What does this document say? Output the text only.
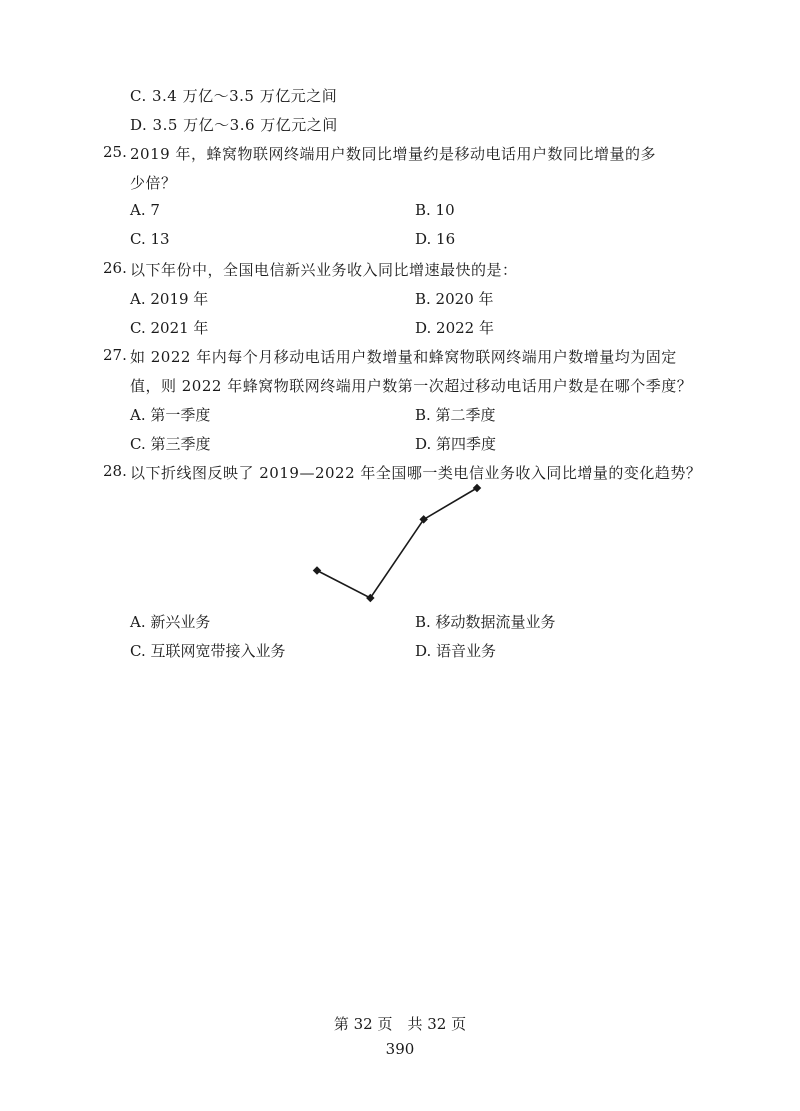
C. 3.4 万亿～3.5 万亿元之间
D. 3.5 万亿～3.6 万亿元之间
25. 2019 年，蜂窝物联网终端用户数同比增量约是移动电话用户数同比增量的多
少倍？
A. 7	B. 10
C. 13	D. 16
26. 以下年份中，全国电信新兴业务收入同比增速最快的是：
A. 2019 年	B. 2020 年
C. 2021 年	D. 2022 年
27. 如 2022 年内每个月移动电话用户数增量和蜂窝物联网终端用户数增量均为固定
值，则 2022 年蜂窝物联网终端用户数第一次超过移动电话用户数是在哪个季度？
A. 第一季度	B. 第二季度
C. 第三季度	D. 第四季度
28. 以下折线图反映了 2019—2022 年全国哪一类电信业务收入同比增量的变化趋势？
A. 新兴业务	B. 移动数据流量业务
C. 互联网宽带接入业务	D. 语音业务
第 32 页　共 32 页
390
